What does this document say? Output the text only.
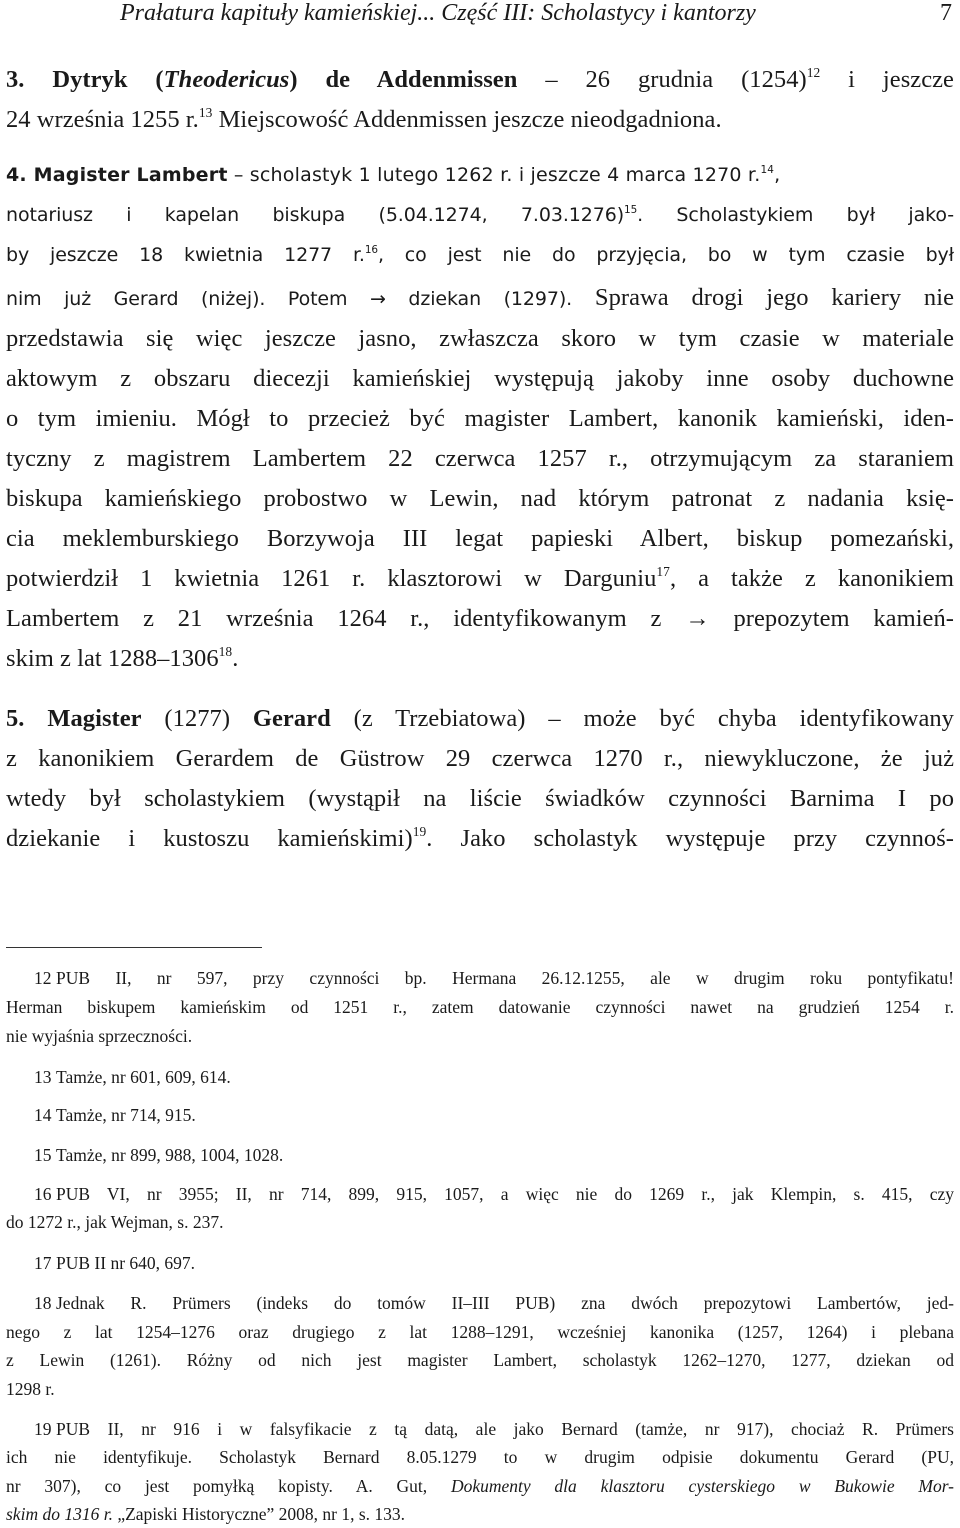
Prałatura kapituły kamieńskiej... Część III: Scholastycy i kantorzy	7
3. Dytryk (Theodericus) de Addenmissen – 26 grudnia $(1254)^{12}$ i jeszcze
24 września 1255 r.$^{13}$ Miejscowość Addenmissen jeszcze nieodgadniona.
4. Magister Lambert – scholastyk 1 lutego 1262 r. i jeszcze 4 marca 1270 r.$^{14}$,
notariusz i kapelan biskupa (5.04.1274, 7.03.1276)$^{15}$. Scholastykiem był jako-
by jeszcze 18 kwietnia 1277 r.$^{16}$, co jest nie do przyjęcia, bo w tym czasie był
nim już Gerard (niżej). Potem → dziekan (1297). Sprawa drogi jego kariery nie
przedstawia się więc jeszcze jasno, zwłaszcza skoro w tym czasie w materiale
aktowym z obszaru diecezji kamieńskiej występują jakoby inne osoby duchowne
o tym imieniu. Mógł to przecież być magister Lambert, kanonik kamieński, iden-
tyczny z magistrem Lambertem 22 czerwca 1257 r., otrzymującym za staraniem
biskupa kamieńskiego probostwo w Lewin, nad którym patronat z nadania księ-
cia meklemburskiego Borzywoja III legat papieski Albert, biskup pomezański,
potwierdził 1 kwietnia 1261 r. klasztorowi w Darguniu$^{17}$, a także z kanonikiem
Lambertem z 21 września 1264 r., identyfikowanym z → prepozytem kamień-
skim z lat 1288–1306$^{18}$.
5. Magister (1277) Gerard (z Trzebiatowa) – może być chyba identyfikowany
z kanonikiem Gerardem de Güstrow 29 czerwca 1270 r., niewykluczone, że już
wtedy był scholastykiem (wystąpił na liście świadków czynności Barnima I po
dziekanie i kustoszu kamieńskimi)$^{19}$. Jako scholastyk występuje przy czynnoś-
12 PUB II, nr 597, przy czynności bp. Hermana 26.12.1255, ale w drugim roku pontyfikatu!
Herman biskupem kamieńskim od 1251 r., zatem datowanie czynności nawet na grudzień 1254 r.
nie wyjaśnia sprzeczności.
13 Tamże, nr 601, 609, 614.
14 Tamże, nr 714, 915.
15 Tamże, nr 899, 988, 1004, 1028.
16 PUB VI, nr 3955; II, nr 714, 899, 915, 1057, a więc nie do 1269 r., jak Klempin, s. 415, czy
do 1272 r., jak Wejman, s. 237.
17 PUB II nr 640, 697.
18 Jednak R. Prümers (indeks do tomów II–III PUB) zna dwóch prepozytowi Lambertów, jed-
nego z lat 1254–1276 oraz drugiego z lat 1288–1291, wcześniej kanonika (1257, 1264) i plebana
z Lewin (1261). Różny od nich jest magister Lambert, scholastyk 1262–1270, 1277, dziekan od
1298 r.
19 PUB II, nr 916 i w falsyfikacie z tą datą, ale jako Bernard (tamże, nr 917), chociaż R. Prümers
ich nie identyfikuje. Scholastyk Bernard 8.05.1279 to w drugim odpisie dokumentu Gerard (PU,
nr 307), co jest pomyłką kopisty. A. Gut, Dokumenty dla klasztoru cysterskiego w Bukowie Mor-
skim do 1316 r. „Zapiski Historyczne” 2008, nr 1, s. 133.
